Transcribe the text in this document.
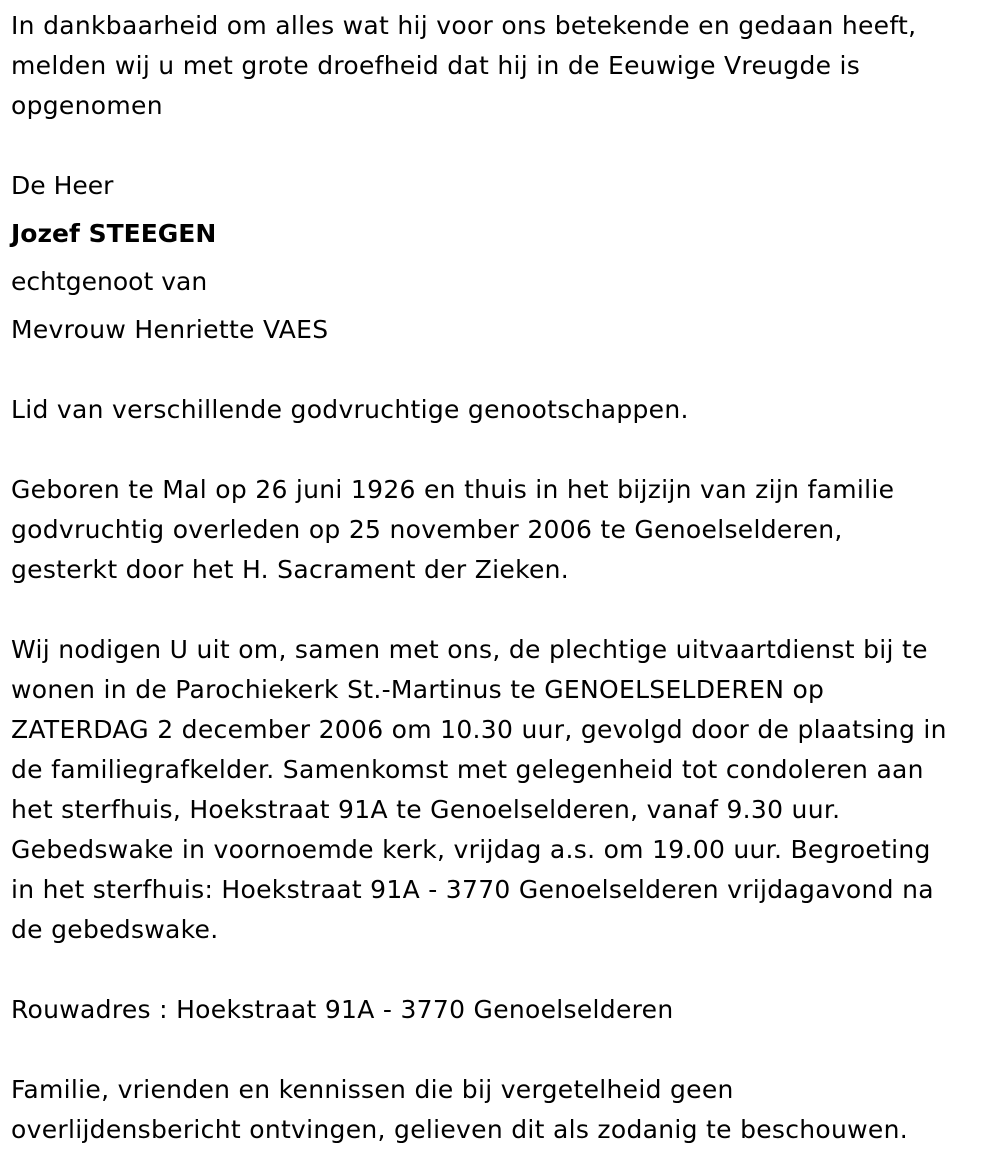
In dankbaarheid om alles wat hij voor ons betekende en gedaan heeft,
melden wij u met grote droefheid dat hij in de Eeuwige Vreugde is
opgenomen
De Heer
Jozef STEEGEN
echtgenoot van
Mevrouw Henriette VAES
Lid van verschillende godvruchtige genootschappen.
Geboren te Mal op 26 juni 1926 en thuis in het bijzijn van zijn familie
godvruchtig overleden op 25 november 2006 te Genoelselderen,
gesterkt door het H. Sacrament der Zieken.
Wij nodigen U uit om, samen met ons, de plechtige uitvaartdienst bij te
wonen in de Parochiekerk St.-Martinus te GENOELSELDEREN op
ZATERDAG 2 december 2006 om 10.30 uur, gevolgd door de plaatsing in
de familiegrafkelder. Samenkomst met gelegenheid tot condoleren aan
het sterfhuis, Hoekstraat 91A te Genoelselderen, vanaf 9.30 uur.
Gebedswake in voornoemde kerk, vrijdag a.s. om 19.00 uur. Begroeting
in het sterfhuis: Hoekstraat 91A - 3770 Genoelselderen vrijdagavond na
de gebedswake.
Rouwadres : Hoekstraat 91A - 3770 Genoelselderen
Familie, vrienden en kennissen die bij vergetelheid geen
overlijdensbericht ontvingen, gelieven dit als zodanig te beschouwen.
